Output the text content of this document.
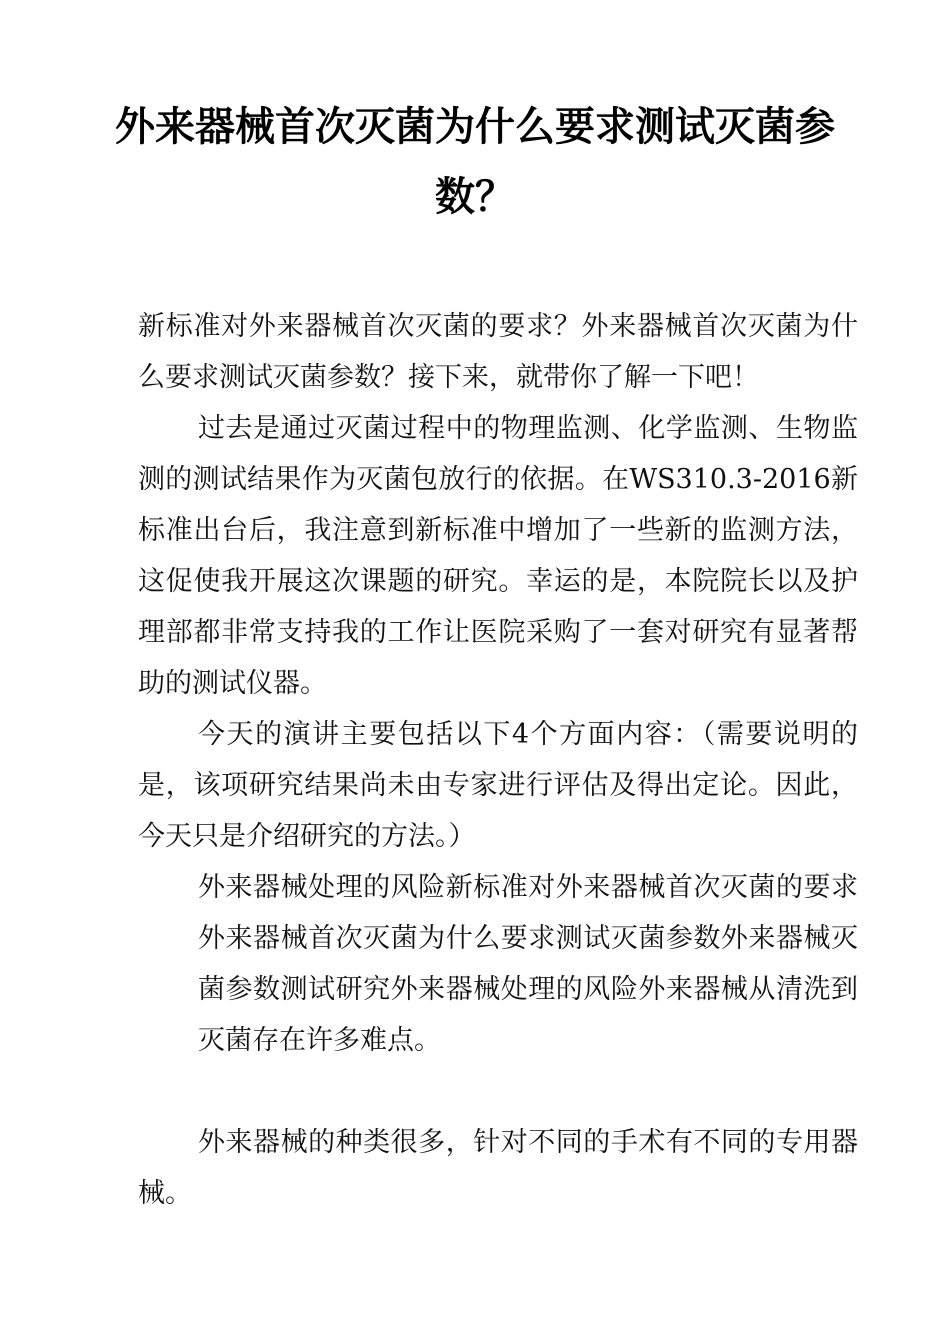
外来器械首次灭菌为什么要求测试灭菌参数？

新标准对外来器械首次灭菌的要求？外来器械首次灭菌为什么要求测试灭菌参数？接下来，就带你了解一下吧！

过去是通过灭菌过程中的物理监测、化学监测、生物监测的测试结果作为灭菌包放行的依据。在WS310.3-2016新标准出台后，我注意到新标准中增加了一些新的监测方法，这促使我开展这次课题的研究。幸运的是，本院院长以及护理部都非常支持我的工作让医院采购了一套对研究有显著帮助的测试仪器。

今天的演讲主要包括以下4个方面内容：（需要说明的是，该项研究结果尚未由专家进行评估及得出定论。因此，今天只是介绍研究的方法。）

外来器械处理的风险新标准对外来器械首次灭菌的要求外来器械首次灭菌为什么要求测试灭菌参数外来器械灭菌参数测试研究外来器械处理的风险外来器械从清洗到灭菌存在许多难点。

外来器械的种类很多，针对不同的手术有不同的专用器械。
